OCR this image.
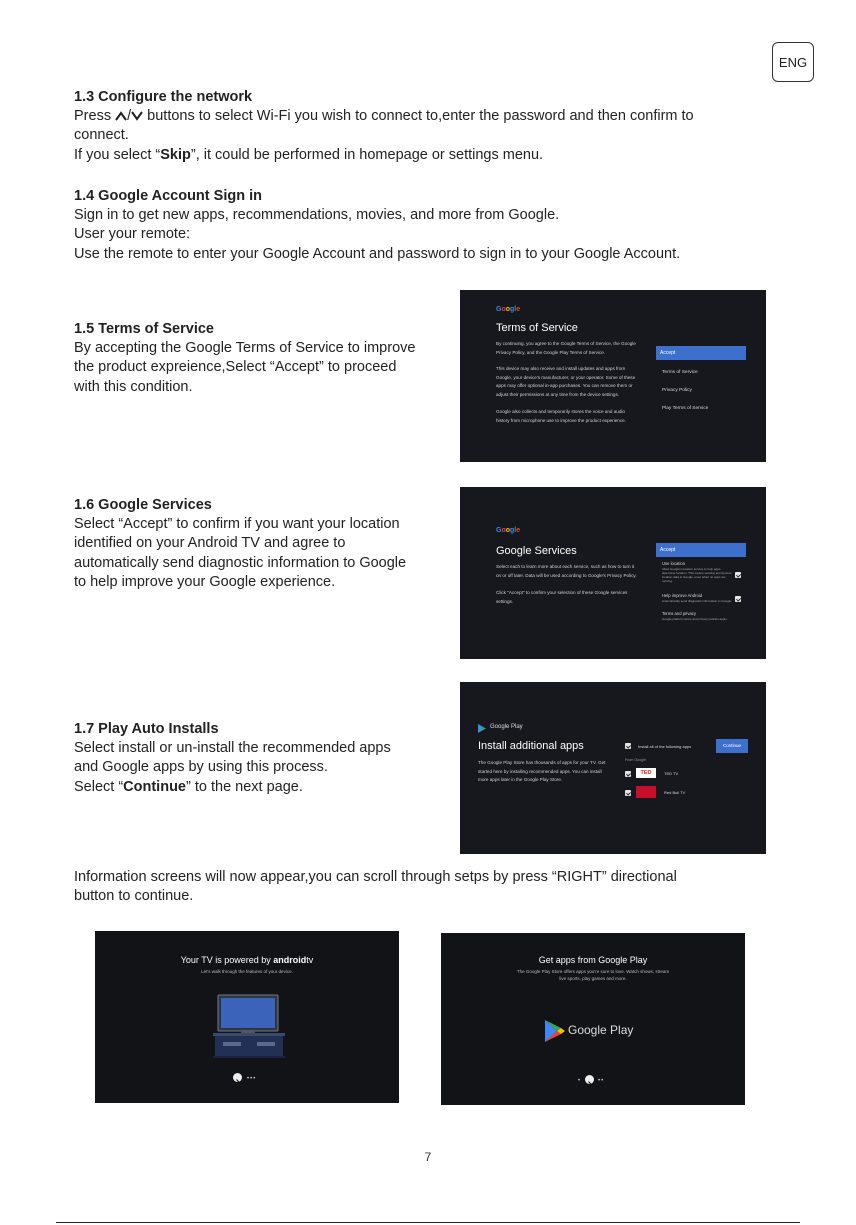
ENG
1.3 Configure the network
Press / buttons to select Wi-Fi you wish to connect to,enter the password and then confirm to
connect.
If you select “Skip”, it could be performed in homepage or settings menu.
1.4 Google Account Sign in
Sign in to get new apps, recommendations, movies, and more from Google.
User your remote:
Use the remote to enter your Google Account and password to sign in to your Google Account.
1.5 Terms of Service
By accepting the Google Terms of Service to improve
the product expreience,Select “Accept” to proceed
with this condition.
Google
Terms of Service
By continuing, you agree to the Google Terms of Service, the Google Privacy Policy, and the Google Play Terms of Service.
This device may also receive and install updates and apps from Google, your device's manufacturer, or your operator. Some of these apps may offer optional in-app purchases. You can remove them or adjust their permissions at any time from the device settings.
Google also collects and temporarily stores the voice and audio history from microphone use to improve the product experience.
Accept
Terms of Service
Privacy Policy
Play Terms of Service
1.6 Google Services
Select “Accept” to confirm if you want your location
identified on your Android TV and agree to
automatically send diagnostic information to Google
to help improve your Google experience.
Google
Google Services
Select each to learn more about each service, such as how to turn it on or off later. Data will be used according to Google's Privacy Policy.
Click "Accept" to confirm your selection of these Google services settings.
Accept
Use location
Allow Google's location service to help apps determine location. This means sending anonymous location data to Google, even when no apps are running.
Help improve Android
Automatically send diagnostic information to Google.
Terms and privacy
Google platform terms and privacy policies apply.
1.7 Play Auto Installs
Select install or un-install the recommended apps
and Google apps by using this process.
Select “Continue” to the next page.
Google Play
Install additional apps
The Google Play Store has thousands of apps for your TV. Get started here by installing recommended apps. You can install more apps later in the Google Play Store.
Install all of the following apps	Continue
From Google
TED	TED TV
Red Bull TV
Information screens will now appear,you can scroll through setps by press “RIGHT” directional
button to continue.
Your TV is powered by androidtv
Let's walk through the features of your device.
•••
Get apps from Google Play
The Google Play Store offers apps you're sure to love. Watch shows, stream
live sports, play games and more.
Google Play
•	••
7
